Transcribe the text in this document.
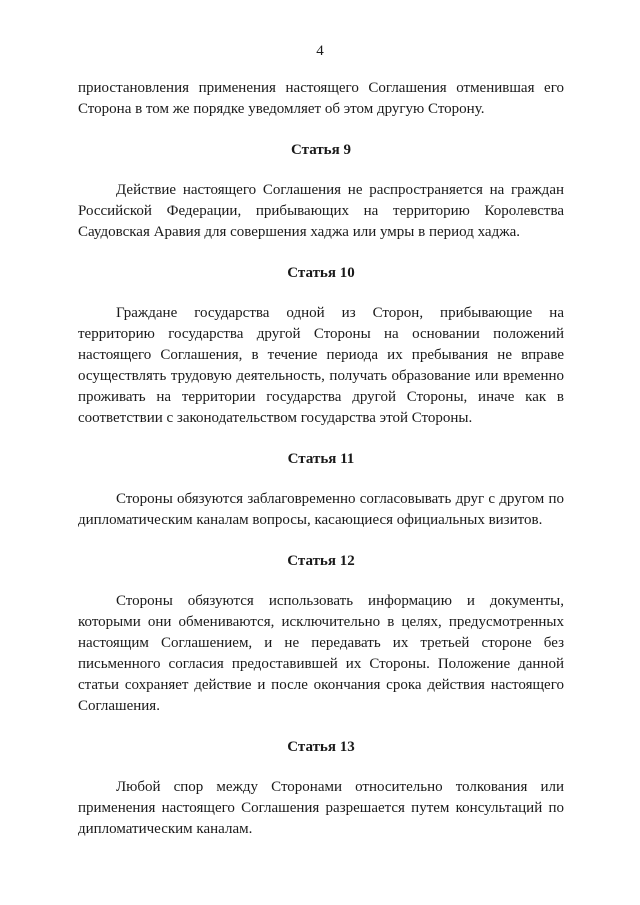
4

приостановления применения настоящего Соглашения отменившая его Сторона в том же порядке уведомляет об этом другую Сторону.

Статья 9

Действие настоящего Соглашения не распространяется на граждан Российской Федерации, прибывающих на территорию Королевства Саудовская Аравия для совершения хаджа или умры в период хаджа.

Статья 10

Граждане государства одной из Сторон, прибывающие на территорию государства другой Стороны на основании положений настоящего Соглашения, в течение периода их пребывания не вправе осуществлять трудовую деятельность, получать образование или временно проживать на территории государства другой Стороны, иначе как в соответствии с законодательством государства этой Стороны.

Статья 11

Стороны обязуются заблаговременно согласовывать друг с другом по дипломатическим каналам вопросы, касающиеся официальных визитов.

Статья 12

Стороны обязуются использовать информацию и документы, которыми они обмениваются, исключительно в целях, предусмотренных настоящим Соглашением, и не передавать их третьей стороне без письменного согласия предоставившей их Стороны. Положение данной статьи сохраняет действие и после окончания срока действия настоящего Соглашения.

Статья 13

Любой спор между Сторонами относительно толкования или применения настоящего Соглашения разрешается путем консультаций по дипломатическим каналам.
